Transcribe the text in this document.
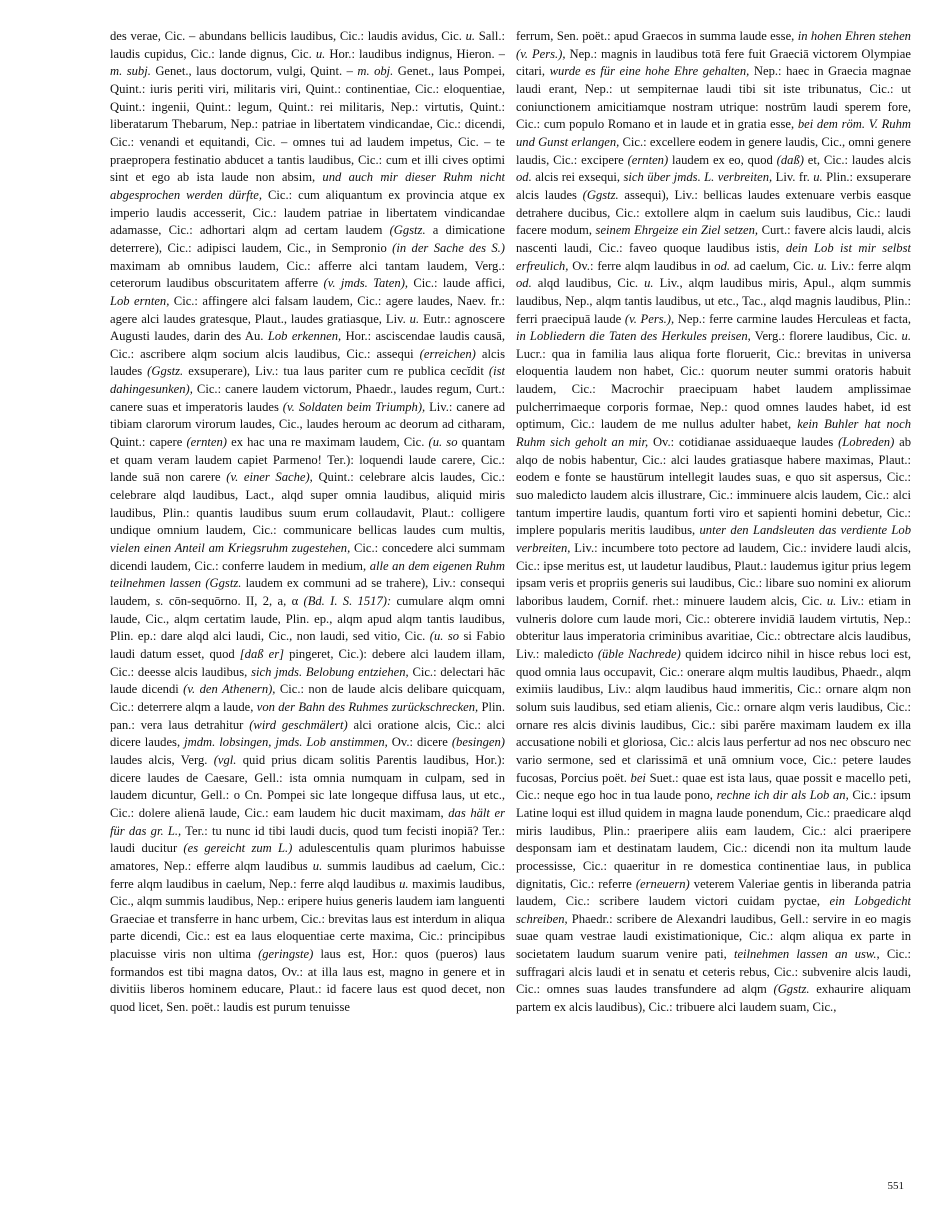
des verae, Cic. – abundans bellicis laudibus, Cic.: laudis avidus, Cic. u. Sall.: laudis cupidus, Cic.: lande dignus, Cic. u. Hor.: laudibus indignus, Hieron. – m. subj. Genet., laus doctorum, vulgi, Quint. – m. obj. Genet., laus Pompei, Quint.: iuris periti viri, militaris viri, Quint.: continentiae, Cic.: eloquentiae, Quint.: ingenii, Quint.: legum, Quint.: rei militaris, Nep.: virtutis, Quint.: liberatarum Thebarum, Nep.: patriae in libertatem vindicandae, Cic.: dicendi, Cic.: venandi et equitandi, Cic. – omnes tui ad laudem impetus, Cic. – te praepropera festinatio abducet a tantis laudibus, Cic.: cum et illi cives optimi sint et ego ab ista laude non absim, und auch mir dieser Ruhm nicht abgesprochen werden dürfte, Cic.: cum aliquantum ex provincia atque ex imperio laudis accesserit, Cic.: laudem patriae in libertatem vindicandae adamasse, Cic.: adhortari alqm ad certam laudem (Ggstz. a dimicatione deterrere), Cic.: adipisci laudem, Cic., in Sempronio (in der Sache des S.) maximam ab omnibus laudem, Cic.: afferre alci tantam laudem, Verg.: ceterorum laudibus obscuritatem afferre (v. jmds. Taten), Cic.: laude affici, Lob ernten, Cic.: affingere alci falsam laudem, Cic.: agere laudes, Naev. fr.: agere alci laudes gratesque, Plaut., laudes gratiasque, Liv. u. Eutr.: agnoscere Augusti laudes, darin des Au. Lob erkennen, Hor.: asciscendae laudis causā, Cic.: ascribere alqm socium alcis laudibus, Cic.: assequi (erreichen) alcis laudes (Ggstz. exsuperare), Liv.: tua laus pariter cum re publica cecĭdit (ist dahingesunken), Cic.: canere laudem victorum, Phaedr., laudes regum, Curt.: canere suas et imperatoris laudes (v. Soldaten beim Triumph), Liv.: canere ad tibiam clarorum virorum laudes, Cic., laudes heroum ac deorum ad citharam, Quint.: capere (ernten) ex hac una re maximam laudem, Cic. (u. so quantam et quam veram laudem capiet Parmeno! Ter.): loquendi laude carere, Cic.: lande suā non carere (v. einer Sache), Quint.: celebrare alcis laudes, Cic.: celebrare alqd laudibus, Lact., alqd super omnia laudibus, aliquid miris laudibus, Plin.: quantis laudibus suum erum collaudavit, Plaut.: colligere undique omnium laudem, Cic.: communicare bellicas laudes cum multis, vielen einen Anteil am Kriegsruhm zugestehen, Cic.: concedere alci summam dicendi laudem, Cic.: conferre laudem in medium, alle an dem eigenen Ruhm teilnehmen lassen (Ggstz. laudem ex communi ad se trahere), Liv.: consequi laudem, s. cōn-sequōrno. II, 2, a, α (Bd. I. S. 1517): cumulare alqm omni laude, Cic., alqm certatim laude, Plin. ep., alqm apud alqm tantis laudibus, Plin. ep.: dare alqd alci laudi, Cic., non laudi, sed vitio, Cic. (u. so si Fabio laudi datum esset, quod [daß er] pingeret, Cic.): debere alci laudem illam, Cic.: deesse alcis laudibus, sich jmds. Belobung entziehen, Cic.: delectari hāc laude dicendi (v. den Athenern), Cic.: non de laude alcis delibare quicquam, Cic.: deterrere alqm a laude, von der Bahn des Ruhmes zurückschrecken, Plin. pan.: vera laus detrahitur (wird geschmälert) alci oratione alcis, Cic.: alci dicere laudes, jmdm. lobsingen, jmds. Lob anstimmen, Ov.: dicere (besingen) laudes alcis, Verg. (vgl. quid prius dicam solitis Parentis laudibus, Hor.): dicere laudes de Caesare, Gell.: ista omnia numquam in culpam, sed in laudem dicuntur, Gell.: o Cn. Pompei sic late longeque diffusa laus, ut etc., Cic.: dolere alienā laude, Cic.: eam laudem hic ducit maximam, das hält er für das gr. L., Ter.: tu nunc id tibi laudi ducis, quod tum fecisti inopiā? Ter.: laudi ducitur (es gereicht zum L.) adulescentulis quam plurimos habuisse amatores, Nep.: efferre alqm laudibus u. summis laudibus ad caelum, Cic.: ferre alqm laudibus in caelum, Nep.: ferre alqd laudibus u. maximis laudibus, Cic., alqm summis laudibus, Nep.: eripere huius generis laudem iam languenti Graeciae et transferre in hanc urbem, Cic.: brevitas laus est interdum in aliqua parte dicendi, Cic.: est ea laus eloquentiae certe maxima, Cic.: principibus placuisse viris non ultima (geringste) laus est, Hor.: quos (pueros) laus formandos est tibi magna datos, Ov.: at illa laus est, magno in genere et in divitiis liberos hominem educare, Plaut.: id facere laus est quod decet, non quod licet, Sen. poët.: laudis est purum tenuisse

ferrum, Sen. poët.: apud Graecos in summa laude esse, in hohen Ehren stehen (v. Pers.), Nep.: magnis in laudibus totā fere fuit Graeciā victorem Olympiae citari, wurde es für eine hohe Ehre gehalten, Nep.: haec in Graecia magnae laudi erant, Nep.: ut sempiternae laudi tibi sit iste tribunatus, Cic.: ut coniunctionem amicitiamque nostram utrique: nostrūm laudi sperem fore, Cic.: cum populo Romano et in laude et in gratia esse, bei dem röm. V. Ruhm und Gunst erlangen, Cic.: excellere eodem in genere laudis, Cic., omni genere laudis, Cic.: excipere (ernten) laudem ex eo, quod (daß) et, Cic.: laudes alcis od. alcis rei exsequi, sich über jmds. L. verbreiten, Liv. fr. u. Plin.: exsuperare alcis laudes (Ggstz. assequi), Liv.: bellicas laudes extenuare verbis easque detrahere ducibus, Cic.: extollere alqm in caelum suis laudibus, Cic.: laudi facere modum, seinem Ehrgeize ein Ziel setzen, Curt.: favere alcis laudi, alcis nascenti laudi, Cic.: faveo quoque laudibus istis, dein Lob ist mir selbst erfreulich, Ov.: ferre alqm laudibus in od. ad caelum, Cic. u. Liv.: ferre alqm od. alqd laudibus, Cic. u. Liv., alqm laudibus miris, Apul., alqm summis laudibus, Nep., alqm tantis laudibus, ut etc., Tac., alqd magnis laudibus, Plin.: ferri praecipuā laude (v. Pers.), Nep.: ferre carmine laudes Herculeas et facta, in Lobliedern die Taten des Herkules preisen, Verg.: florere laudibus, Cic. u. Lucr.: qua in familia laus aliqua forte floruerit, Cic.: brevitas in universa eloquentia laudem non habet, Cic.: quorum neuter summi oratoris habuit laudem, Cic.: Macrochir praecipuam habet laudem amplissimae pulcherrimaeque corporis formae, Nep.: quod omnes laudes habet, id est optimum, Cic.: laudem de me nullus adulter habet, kein Buhler hat noch Ruhm sich geholt an mir, Ov.: cotidianae assiduaeque laudes (Lobreden) ab alqo de nobis habentur, Cic.: alci laudes gratiasque habere maximas, Plaut.: eodem e fonte se haustūrum intellegit laudes suas, e quo sit aspersus, Cic.: suo maledicto laudem alcis illustrare, Cic.: imminuere alcis laudem, Cic.: alci tantum impertire laudis, quantum forti viro et sapienti homini debetur, Cic.: implere popularis meritis laudibus, unter den Landsleuten das verdiente Lob verbreiten, Liv.: incumbere toto pectore ad laudem, Cic.: invidere laudi alcis, Cic.: ipse meritus est, ut laudetur laudibus, Plaut.: laudemus igitur prius legem ipsam veris et propriis generis sui laudibus, Cic.: libare suo nomini ex aliorum laboribus laudem, Cornif. rhet.: minuere laudem alcis, Cic. u. Liv.: etiam in vulneris dolore cum laude mori, Cic.: obterere invidiā laudem virtutis, Nep.: obteritur laus imperatoria criminibus avaritiae, Cic.: obtrectare alcis laudibus, Liv.: maledicto (üble Nachrede) quidem idcirco nihil in hisce rebus loci est, quod omnia laus occupavit, Cic.: onerare alqm multis laudibus, Phaedr., alqm eximiis laudibus, Liv.: alqm laudibus haud immeritis, Cic.: ornare alqm non solum suis laudibus, sed etiam alienis, Cic.: ornare alqm veris laudibus, Cic.: ornare res alcis divinis laudibus, Cic.: sibi parĕre maximam laudem ex illa accusatione nobili et gloriosa, Cic.: alcis laus perfertur ad nos nec obscuro nec vario sermone, sed et clarissimā et unā omnium voce, Cic.: petere laudes fucosas, Porcius poët. bei Suet.: quae est ista laus, quae possit e macello peti, Cic.: neque ego hoc in tua laude pono, rechne ich dir als Lob an, Cic.: ipsum Latine loqui est illud quidem in magna laude ponendum, Cic.: praedicare alqd miris laudibus, Plin.: praeripere aliis eam laudem, Cic.: alci praeripere desponsam iam et destinatam laudem, Cic.: dicendi non ita multum laude processisse, Cic.: quaeritur in re domestica continentiae laus, in publica dignitatis, Cic.: referre (erneuern) veterem Valeriae gentis in liberanda patria laudem, Cic.: scribere laudem victori cuidam pyctae, ein Lobgedicht schreiben, Phaedr.: scribere de Alexandri laudibus, Gell.: servire in eo magis suae quam vestrae laudi existimationique, Cic.: alqm aliqua ex parte in societatem laudum suarum venire pati, teilnehmen lassen an usw., Cic.: suffragari alcis laudi et in senatu et ceteris rebus, Cic.: subvenire alcis laudi, Cic.: omnes suas laudes transfundere ad alqm (Ggstz. exhaurire aliquam partem ex alcis laudibus), Cic.: tribuere alci laudem suam, Cic.,

551
